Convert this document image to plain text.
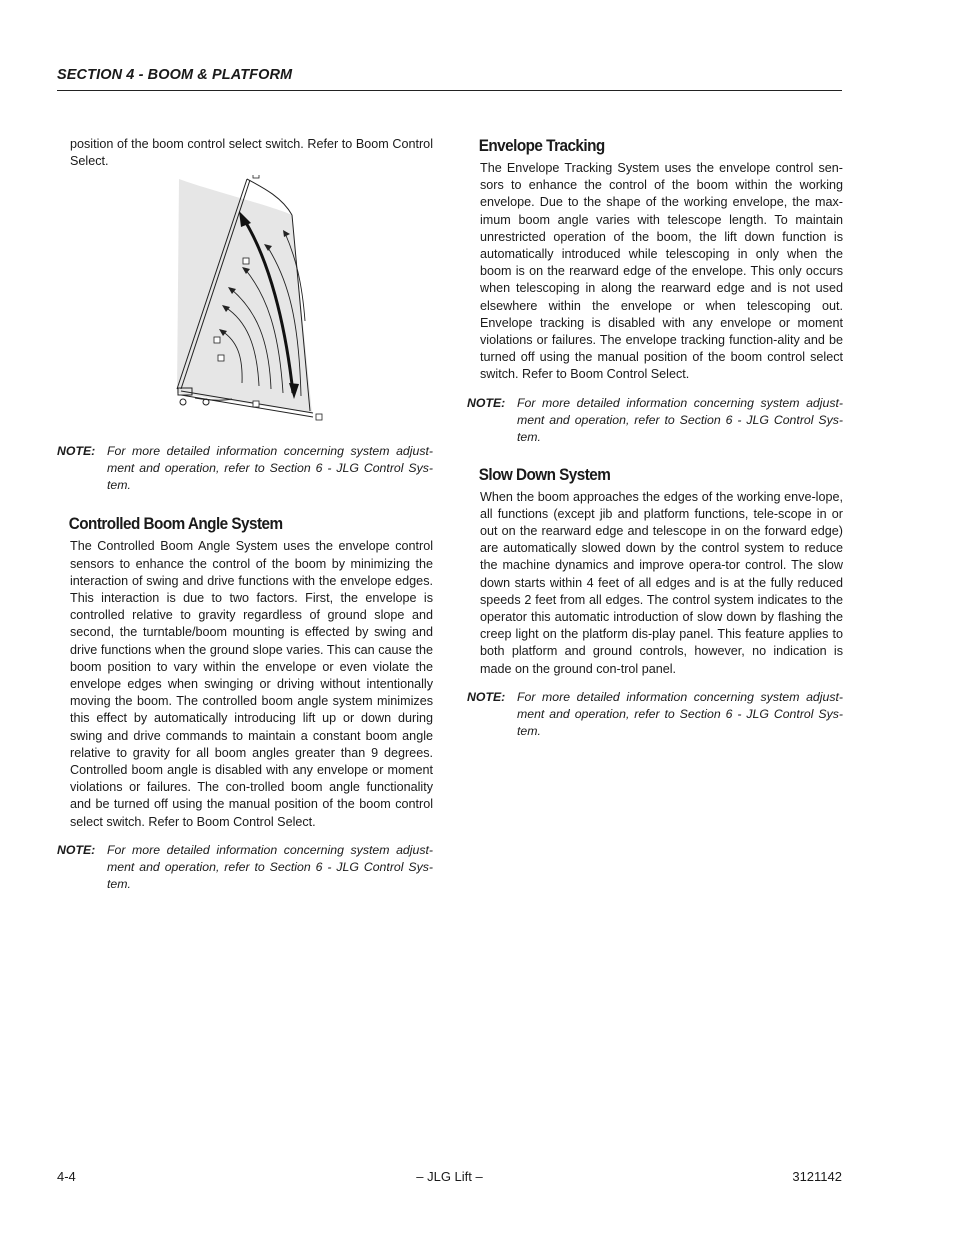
SECTION 4 - BOOM & PLATFORM

position of the boom control select switch. Refer to Boom Control Select.

NOTE: For more detailed information concerning system adjust-ment and operation, refer to Section 6 - JLG Control Sys-tem.
Controlled Boom Angle System

The Controlled Boom Angle System uses the envelope control sensors to enhance the control of the boom by minimizing the interaction of swing and drive functions with the envelope edges. This interaction is due to two factors. First, the envelope is controlled relative to gravity regardless of ground slope and second, the turntable/boom mounting is effected by swing and drive functions when the ground slope varies. This can cause the boom position to vary within the envelope or even violate the envelope edges when swinging or driving without intentionally moving the boom. The controlled boom angle system minimizes this effect by automatically introducing lift up or down during swing and drive commands to maintain a constant boom angle relative to gravity for all boom angles greater than 9 degrees. Controlled boom angle is disabled with any envelope or moment violations or failures. The con-trolled boom angle functionality and be turned off using the manual position of the boom control select switch. Refer to Boom Control Select.

NOTE: For more detailed information concerning system adjust-ment and operation, refer to Section 6 - JLG Control Sys-tem.
Envelope Tracking

The Envelope Tracking System uses the envelope control sen-sors to enhance the control of the boom within the working envelope. Due to the shape of the working envelope, the max-imum boom angle varies with telescope length. To maintain unrestricted operation of the boom, the lift down function is automatically introduced while telescoping in only when the boom is on the rearward edge of the envelope. This only occurs when telescoping in along the rearward edge and is not used elsewhere within the envelope or when telescoping out. Envelope tracking is disabled with any envelope or moment violations or failures. The envelope tracking function-ality and be turned off using the manual position of the boom control select switch. Refer to Boom Control Select.

NOTE: For more detailed information concerning system adjust-ment and operation, refer to Section 6 - JLG Control Sys-tem.
Slow Down System

When the boom approaches the edges of the working enve-lope, all functions (except jib and platform functions, tele-scope in or out on the rearward edge and telescope in on the forward edge) are automatically slowed down by the control system to reduce the machine dynamics and improve opera-tor control. The slow down starts within 4 feet of all edges and is at the fully reduced speeds 2 feet from all edges. The control system indicates to the operator this automatic introduction of slow down by flashing the creep light on the platform dis-play panel. This feature applies to both platform and ground controls, however, no indication is made on the ground con-trol panel.

NOTE: For more detailed information concerning system adjust-ment and operation, refer to Section 6 - JLG Control Sys-tem.
4-4	– JLG Lift –	3121142
